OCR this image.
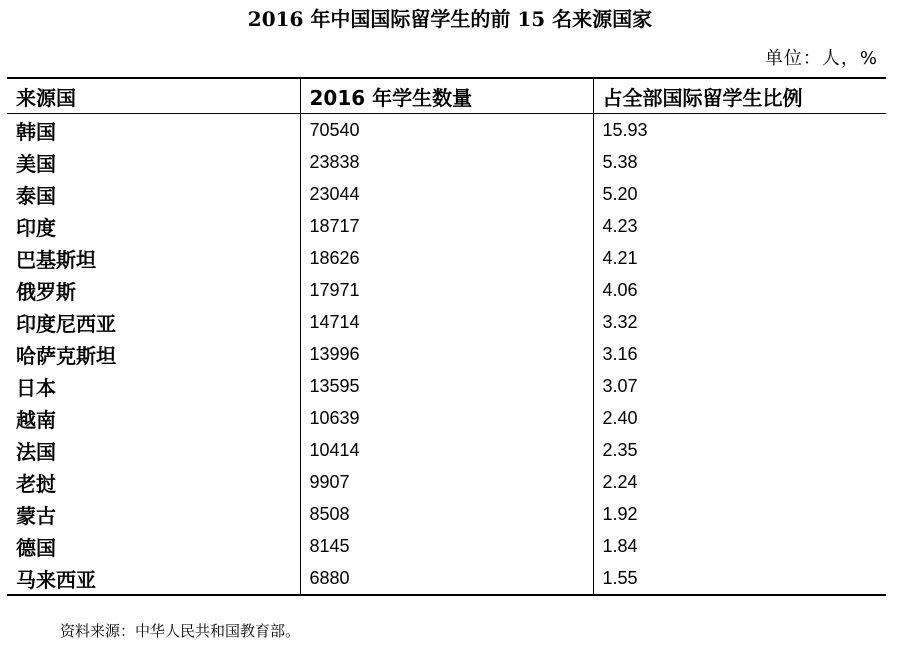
2016 年中国国际留学生的前 15 名来源国家
单位：人，%
来源国	2016 年学生数量	占全部国际留学生比例
韩国	70540	15.93
美国	23838	5.38
泰国	23044	5.20
印度	18717	4.23
巴基斯坦	18626	4.21
俄罗斯	17971	4.06
印度尼西亚	14714	3.32
哈萨克斯坦	13996	3.16
日本	13595	3.07
越南	10639	2.40
法国	10414	2.35
老挝	9907	2.24
蒙古	8508	1.92
德国	8145	1.84
马来西亚	6880	1.55
资料来源：中华人民共和国教育部。
